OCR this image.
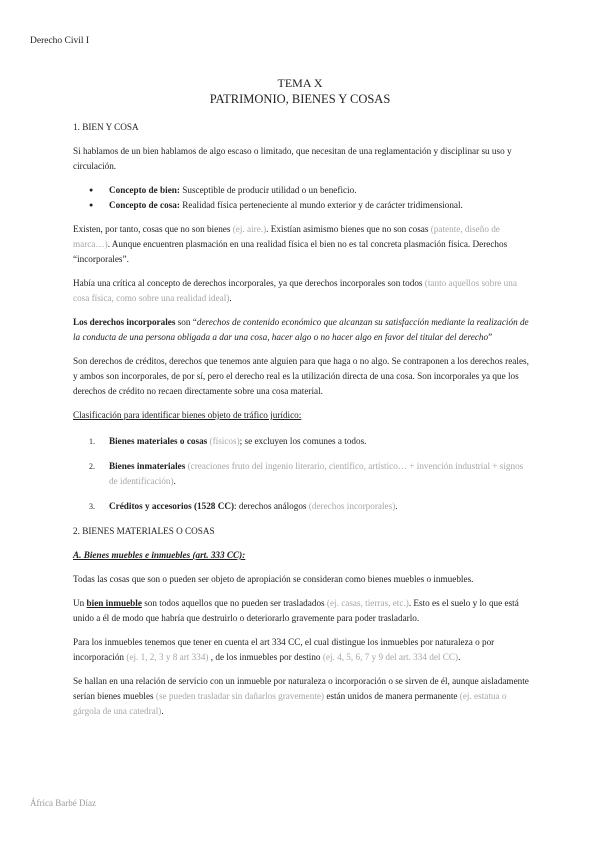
Derecho Civil I
TEMA X
PATRIMONIO, BIENES Y COSAS
1. BIEN Y COSA

Si hablamos de un bien hablamos de algo escaso o limitado, que necesitan de una reglamentación y disciplinar su uso y circulación.

● Concepto de bien: Susceptible de producir utilidad o un beneficio.
● Concepto de cosa: Realidad física perteneciente al mundo exterior y de carácter tridimensional.

Existen, por tanto, cosas que no son bienes (ej. aire.). Existían asimismo bienes que no son cosas (patente, diseño de marca…). Aunque encuentren plasmación en una realidad física el bien no es tal concreta plasmación física. Derechos “incorporales”.

Había una crítica al concepto de derechos incorporales, ya que derechos incorporales son todos (tanto aquellos sobre una cosa física, como sobre una realidad ideal).

Los derechos incorporales son “derechos de contenido económico que alcanzan su satisfacción mediante la realización de la conducta de una persona obligada a dar una cosa, hacer algo o no hacer algo en favor del titular del derecho”

Son derechos de créditos, derechos que tenemos ante alguien para que haga o no algo. Se contraponen a los derechos reales, y ambos son incorporales, de por sí, pero el derecho real es la utilización directa de una cosa. Son incorporales ya que los derechos de crédito no recaen directamente sobre una cosa material.

Clasificación para identificar bienes objeto de tráfico jurídico:

1. Bienes materiales o cosas (físicos); se excluyen los comunes a todos.
2. Bienes inmateriales (creaciones fruto del ingenio literario, científico, artístico… + invención industrial + signos de identificación).
3. Créditos y accesorios (1528 CC): derechos análogos (derechos incorporales).
2. BIENES MATERIALES O COSAS

A. Bienes muebles e inmuebles (art. 333 CC):

Todas las cosas que son o pueden ser objeto de apropiación se consideran como bienes muebles o inmuebles.

Un bien inmueble son todos aquellos que no pueden ser trasladados (ej. casas, tierras, etc.). Esto es el suelo y lo que está unido a él de modo que habría que destruirlo o deteriorarlo gravemente para poder trasladarlo.

Para los inmuebles tenemos que tener en cuenta el art 334 CC, el cual distingue los inmuebles por naturaleza o por incorporación (ej. 1, 2, 3 y 8 art 334) , de los inmuebles por destino (ej. 4, 5, 6, 7 y 9 del art. 334 del CC).

Se hallan en una relación de servicio con un inmueble por naturaleza o incorporación o se sirven de él, aunque aisladamente serían bienes muebles (se pueden trasladar sin dañarlos gravemente) están unidos de manera permanente (ej. estatua o gárgola de una catedral).

África Barbé Díaz
